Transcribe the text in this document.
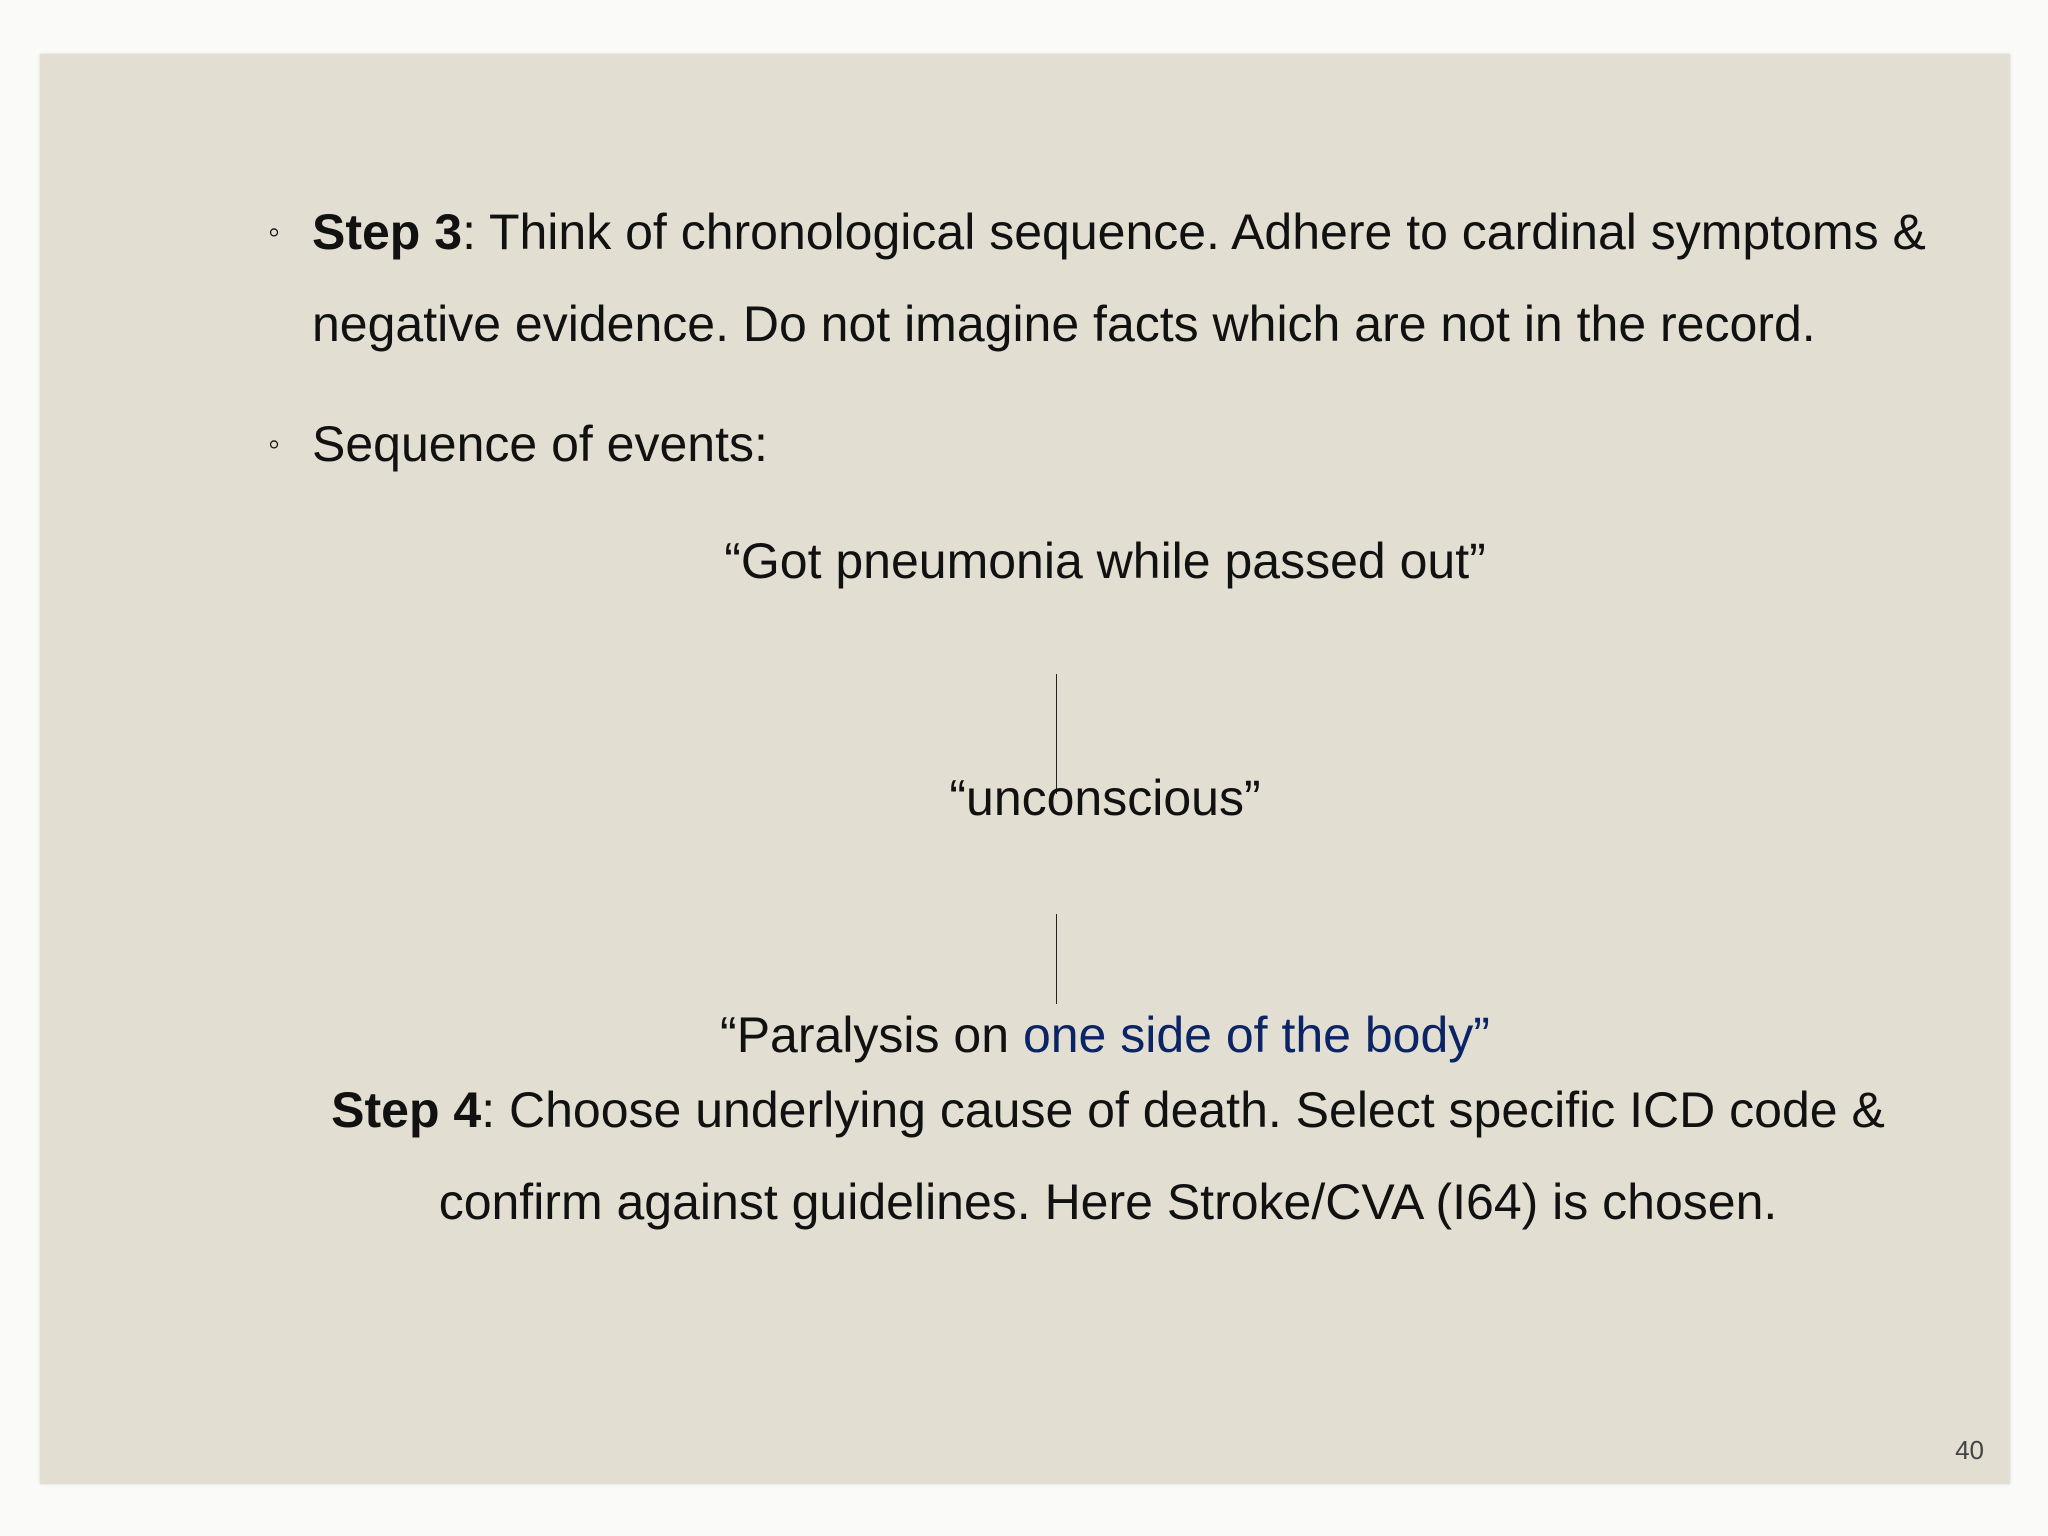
◦ Step 3: Think of chronological sequence. Adhere to cardinal symptoms & negative evidence. Do not imagine facts which are not in the record.
◦ Sequence of events:
“Got pneumonia while passed out”
“unconscious”
“Paralysis on one side of the body”
Step 4: Choose underlying cause of death. Select specific ICD code & confirm against guidelines. Here Stroke/CVA (I64) is chosen.
40
